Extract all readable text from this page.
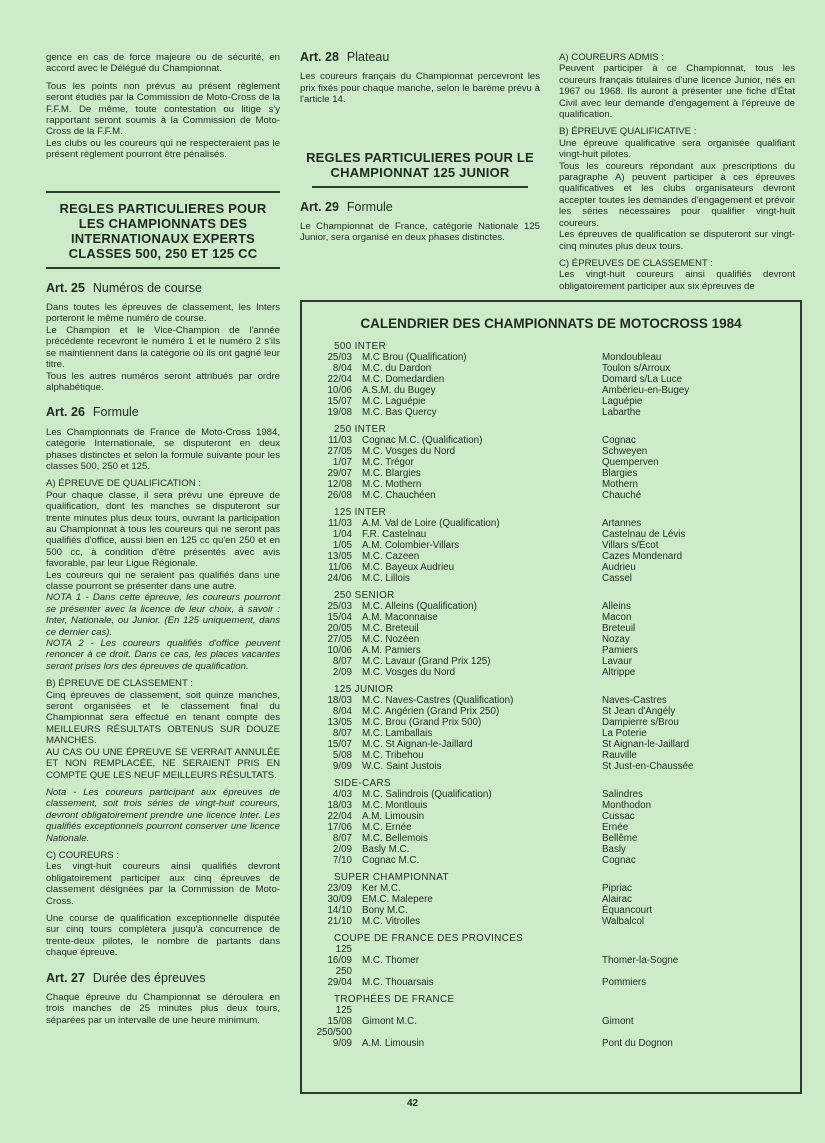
gence en cas de force majeure ou de sécurité, en accord avec le Délégué du Championnat.

Tous les points non prévus au présent règlement seront étudiés par la Commission de Moto-Cross de la F.F.M. De même, toute contestation ou litige s'y rapportant seront soumis à la Commission de Moto-Cross de la F.F.M.

Les clubs ou les coureurs qui ne respecteraient pas le présent règlement pourront être pénalisés.

REGLES PARTICULIERES POUR LES CHAMPIONNATS DES INTERNATIONAUX EXPERTS CLASSES 500, 250 ET 125 CC
Art. 25 Numéros de course

Dans toutes les épreuves de classement, les Inters porteront le même numéro de course.

Le Champion et le Vice-Champion de l'année précédente recevront le numéro 1 et le numéro 2 s'ils se maintiennent dans la catégorie où ils ont gagné leur titre.

Tous les autres numéros seront attribués par ordre alphabétique.

Art. 26 Formule

Les Championnats de France de Moto-Cross 1984, catégorie Internationale, se disputeront en deux phases distinctes et selon la formule suivante pour les classes 500, 250 et 125.

A) ÉPREUVE DE QUALIFICATION :

Pour chaque classe, il sera prévu une épreuve de qualification, dont les manches se disputeront sur trente minutes plus deux tours, ouvrant la participation au Championnat à tous les coureurs qui ne seront pas qualifiés d'office, aussi bien en 125 cc qu'en 250 et en 500 cc, à condition d'être présentés avec avis favorable, par leur Ligue Régionale.

Les coureurs qui ne seraient pas qualifiés dans une classe pourront se présenter dans une autre.

NOTA 1 - Dans cette épreuve, les coureurs pourront se présenter avec la licence de leur choix, à savoir : Inter, Nationale, ou Junior. (En 125 uniquement, dans ce dernier cas).

NOTA 2 - Les coureurs qualifiés d'office peuvent renoncer à ce droit. Dans ce cas, les places vacantes seront prises lors des épreuves de qualification.

B) ÉPREUVE DE CLASSEMENT :

Cinq épreuves de classement, soit quinze manches, seront organisées et le classement final du Championnat sera effectué en tenant compte des MEILLEURS RÉSULTATS OBTENUS SUR DOUZE MANCHES.

AU CAS OU UNE ÉPREUVE SE VERRAIT ANNULÉE ET NON REMPLACÉE, NE SERAIENT PRIS EN COMPTE QUE LES NEUF MEILLEURS RÉSULTATS.

Nota - Les coureurs participant aux épreuves de classement, soit trois séries de vingt-huit coureurs, devront obligatoirement prendre une licence Inter. Les qualifiés exceptionnels pourront conserver une licence Nationale.

C) COUREURS :

Les vingt-huit coureurs ainsi qualifiés devront obligatoirement participer aux cinq épreuves de classement désignées par la Commission de Moto-Cross.

Une course de qualification exceptionnelle disputée sur cinq tours complètera jusqu'à concurrence de trente-deux pilotes, le nombre de partants dans chaque épreuve.

Art. 27 Durée des épreuves

Chaque épreuve du Championnat se déroulera en trois manches de 25 minutes plus deux tours, séparées par un intervalle de une heure minimum.

Art. 28 Plateau

Les coureurs français du Championnat percevront les prix fixés pour chaque manche, selon le barème prévu à l'article 14.

REGLES PARTICULIERES POUR LE CHAMPIONNAT 125 JUNIOR
Art. 29 Formule

Le Championnat de France, catégorie Nationale 125 Junior, sera organisé en deux phases distinctes.

A) COUREURS ADMIS :

Peuvent participer à ce Championnat, tous les coureurs français titulaires d'une licence Junior, nés en 1967 ou 1968. Ils auront à présenter une fiche d'État Civil avec leur demande d'engagement à l'épreuve de qualification.

B) ÉPREUVE QUALIFICATIVE :

Une épreuve qualificative sera organisée qualifiant vingt-huit pilotes.

Tous les coureurs répondant aux prescriptions du paragraphe A) peuvent participer à ces épreuves qualificatives et les clubs organisateurs devront accepter toutes les demandes d'engagement et prévoir les séries nécessaires pour qualifier vingt-huit coureurs.

Les épreuves de qualification se disputeront sur vingt-cinq minutes plus deux tours.

C) ÉPREUVES DE CLASSEMENT :

Les vingt-huit coureurs ainsi qualifiés devront obligatoirement participer aux six épreuves de

CALENDRIER DES CHAMPIONNATS DE MOTOCROSS 1984
500 INTER
25/03	M.C Brou (Qualification)	Mondoubleau
8/04	M.C. du Dardon	Toulon s/Arroux
22/04	M.C. Domedardien	Domard s/La Luce
10/06	A.S.M. du Bugey	Ambérieu-en-Bugey
15/07	M.C. Laguépie	Laguépie
19/08	M.C. Bas Quercy	Labarthe
250 INTER
11/03	Cognac M.C. (Qualification)	Cognac
27/05	M.C. Vosges du Nord	Schweyen
1/07	M.C. Trégor	Quemperven
29/07	M.C. Blargies	Blargies
12/08	M.C. Mothern	Mothern
26/08	M.C. Chauchéen	Chauché
125 INTER
11/03	A.M. Val de Loire (Qualification)	Artannes
1/04	F.R. Castelnau	Castelnau de Lévis
1/05	A.M. Colombier-Villars	Villars s/Écot
13/05	M.C. Cazeen	Cazes Mondenard
11/06	M.C. Bayeux Audrieu	Audrieu
24/06	M.C. Lillois	Cassel
250 SENIOR
25/03	M.C. Alleins (Qualification)	Alleins
15/04	A.M. Maconnaise	Macon
20/05	M.C. Breteuil	Breteuil
27/05	M.C. Nozéen	Nozay
10/06	A.M. Pamiers	Pamiers
8/07	M.C. Lavaur (Grand Prix 125)	Lavaur
2/09	M.C. Vosges du Nord	Altrippe
125 JUNIOR
18/03	M.C. Naves-Castres (Qualification)	Naves-Castres
8/04	M.C. Angérien (Grand Prix 250)	St Jean d'Angély
13/05	M.C. Brou (Grand Prix 500)	Dampierre s/Brou
8/07	M.C. Lamballais	La Poterie
15/07	M.C. St Aignan-le-Jaillard	St Aignan-le-Jaillard
5/08	M.C. Tribehou	Rauville
9/09	W.C. Saint Justois	St Just-en-Chaussée
SIDE-CARS
4/03	M.C. Salindrois (Qualification)	Salindres
18/03	M.C. Montlouis	Monthodon
22/04	A.M. Limousin	Cussac
17/06	M.C. Ernée	Ernée
8/07	M.C. Bellemois	Bellême
2/09	Basly M.C.	Basly
7/10	Cognac M.C.	Cognac
SUPER CHAMPIONNAT
23/09	Ker M.C.	Pipriac
30/09	EM.C. Malepere	Alairac
14/10	Bony M.C.	Équancourt
21/10	M.C. Vitrolles	Walbalcol
COUPE DE FRANCE DES PROVINCES
125
16/09	M.C. Thomer	Thomer-la-Sogne
250
29/04	M.C. Thouarsais	Pommiers
TROPHÉES DE FRANCE
125
15/08	Gimont M.C.	Gimont
250/500
9/09	A.M. Limousin	Pont du Dognon
42
